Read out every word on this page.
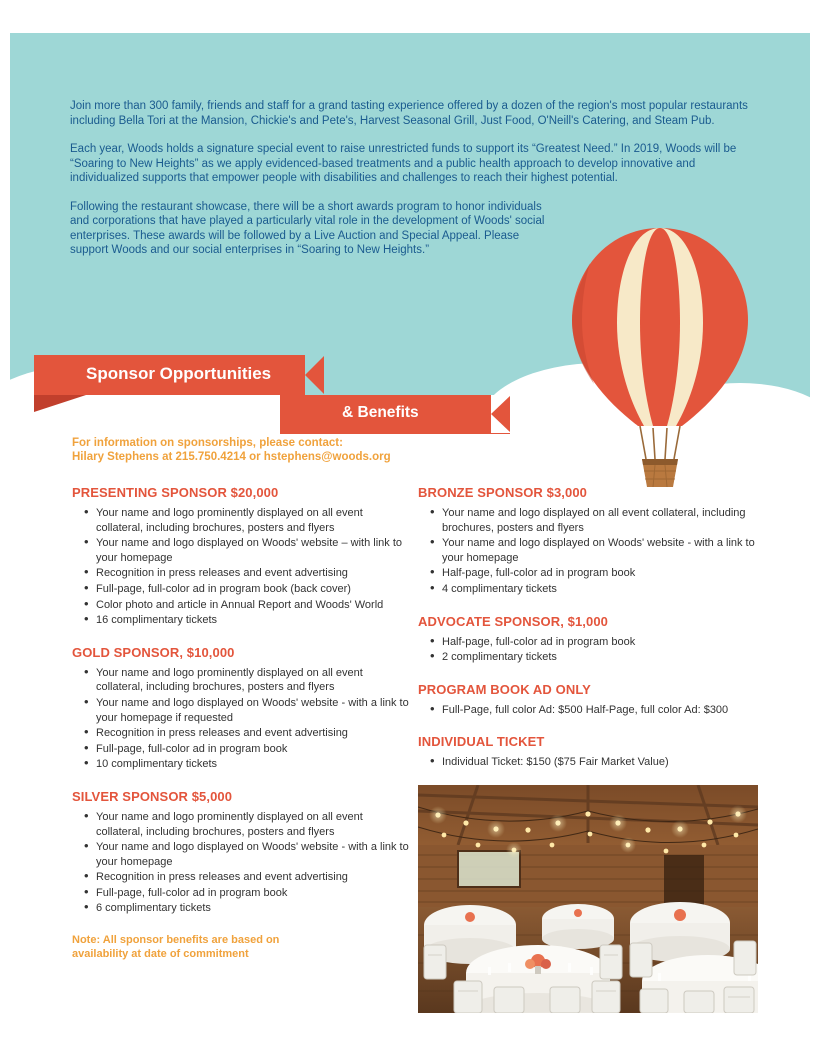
Join more than 300 family, friends and staff for a grand tasting experience offered by a dozen of the region's most popular restaurants including Bella Tori at the Mansion, Chickie's and Pete's, Harvest Seasonal Grill, Just Food, O'Neill's Catering, and Steam Pub.

Each year, Woods holds a signature special event to raise unrestricted funds to support its “Greatest Need.” In 2019, Woods will be “Soaring to New Heights” as we apply evidenced-based treatments and a public health approach to develop innovative and individualized supports that empower people with disabilities and challenges to reach their highest potential.

Following the restaurant showcase, there will be a short awards program to honor individuals and corporations that have played a particularly vital role in the development of Woods' social enterprises. These awards will be followed by a Live Auction and Special Appeal. Please support Woods and our social enterprises in “Soaring to New Heights.”

& Benefits
Sponsor Opportunities
For information on sponsorships, please contact:
Hilary Stephens at 215.750.4214 or hstephens@woods.org
PRESENTING SPONSOR $20,000
• Your name and logo prominently displayed on all event collateral, including brochures, posters and flyers
• Your name and logo displayed on Woods' website – with link to your homepage
• Recognition in press releases and event advertising
• Full-page, full-color ad in program book (back cover)
• Color photo and article in Annual Report and Woods' World
• 16 complimentary tickets
GOLD SPONSOR, $10,000
• Your name and logo prominently displayed on all event collateral, including brochures, posters and flyers
• Your name and logo displayed on Woods' website - with a link to your homepage if requested
• Recognition in press releases and event advertising
• Full-page, full-color ad in program book
• 10 complimentary tickets
SILVER SPONSOR $5,000
• Your name and logo prominently displayed on all event collateral, including brochures, posters and flyers
• Your name and logo displayed on Woods' website - with a link to your homepage
• Recognition in press releases and event advertising
• Full-page, full-color ad in program book
• 6 complimentary tickets
Note: All sponsor benefits are based on
availability at date of commitment
BRONZE SPONSOR $3,000
• Your name and logo displayed on all event collateral, including brochures, posters and flyers
• Your name and logo displayed on Woods' website - with a link to your homepage
• Half-page, full-color ad in program book
• 4 complimentary tickets
ADVOCATE SPONSOR, $1,000
• Half-page, full-color ad in program book
• 2 complimentary tickets
PROGRAM BOOK AD ONLY
• Full-Page, full color Ad: $500 Half-Page, full color Ad: $300
INDIVIDUAL TICKET
• Individual Ticket: $150 ($75 Fair Market Value)
